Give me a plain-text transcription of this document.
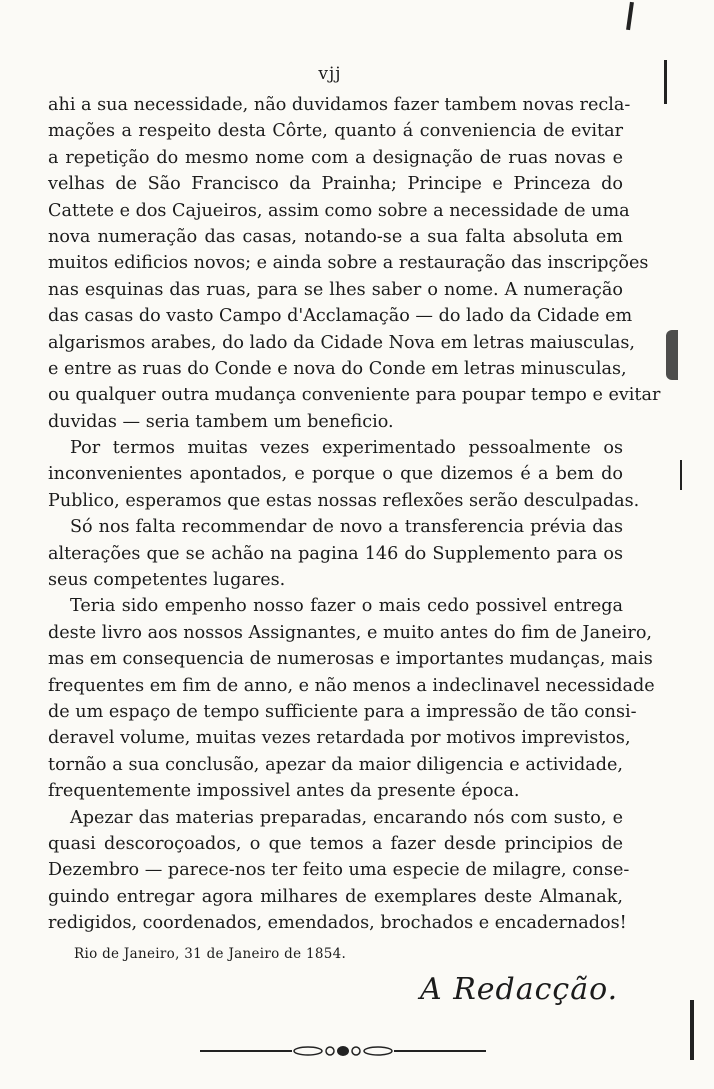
vjj
ahi a sua necessidade, não duvidamos fazer tambem novas recla-
mações a respeito desta Côrte, quanto á conveniencia de evitar
a repetição do mesmo nome com a designação de ruas novas e
velhas de São Francisco da Prainha; Principe e Princeza do
Cattete e dos Cajueiros, assim como sobre a necessidade de uma
nova numeração das casas, notando-se a sua falta absoluta em
muitos edificios novos; e ainda sobre a restauração das inscripções
nas esquinas das ruas, para se lhes saber o nome. A numeração
das casas do vasto Campo d'Acclamação — do lado da Cidade em
algarismos arabes, do lado da Cidade Nova em letras maiusculas,
e entre as ruas do Conde e nova do Conde em letras minusculas,
ou qualquer outra mudança conveniente para poupar tempo e evitar
duvidas — seria tambem um beneficio.
Por termos muitas vezes experimentado pessoalmente os
inconvenientes apontados, e porque o que dizemos é a bem do
Publico, esperamos que estas nossas reflexões serão desculpadas.
Só nos falta recommendar de novo a transferencia prévia das
alterações que se achão na pagina 146 do Supplemento para os
seus competentes lugares.
Teria sido empenho nosso fazer o mais cedo possivel entrega
deste livro aos nossos Assignantes, e muito antes do fim de Janeiro,
mas em consequencia de numerosas e importantes mudanças, mais
frequentes em fim de anno, e não menos a indeclinavel necessidade
de um espaço de tempo sufficiente para a impressão de tão consi-
deravel volume, muitas vezes retardada por motivos imprevistos,
tornão a sua conclusão, apezar da maior diligencia e actividade,
frequentemente impossivel antes da presente época.
Apezar das materias preparadas, encarando nós com susto, e
quasi descoroçoados, o que temos a fazer desde principios de
Dezembro — parece-nos ter feito uma especie de milagre, conse-
guindo entregar agora milhares de exemplares deste Almanak,
redigidos, coordenados, emendados, brochados e encadernados!
Rio de Janeiro, 31 de Janeiro de 1854.
A Redacção.
